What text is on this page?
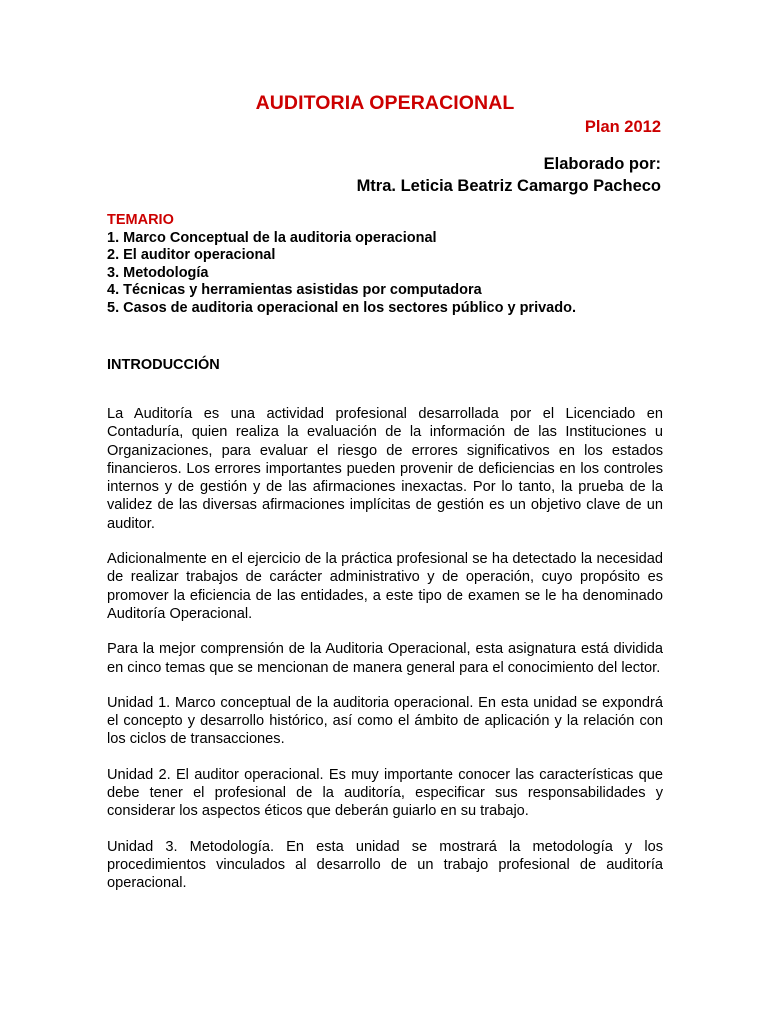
AUDITORIA OPERACIONAL
Plan 2012
Elaborado por:
Mtra. Leticia Beatriz Camargo Pacheco
TEMARIO
1. Marco Conceptual de la auditoria operacional
2. El auditor operacional
3. Metodología
4. Técnicas y herramientas asistidas por computadora
5. Casos de auditoria operacional en los sectores público y privado.
INTRODUCCIÓN

La Auditoría es una actividad profesional desarrollada por el Licenciado en Contaduría, quien realiza la evaluación de la información de las Instituciones u Organizaciones, para evaluar el riesgo de errores significativos en los estados financieros. Los errores importantes pueden provenir de deficiencias en los controles internos y de gestión y de las afirmaciones inexactas. Por lo tanto, la prueba de la validez de las diversas afirmaciones implícitas de gestión es un objetivo clave de un auditor.

Adicionalmente en el ejercicio de la práctica profesional se ha detectado la necesidad de realizar trabajos de carácter administrativo y de operación, cuyo propósito es promover la eficiencia de las entidades, a este tipo de examen se le ha denominado Auditoría Operacional.

Para la mejor comprensión de la Auditoria Operacional, esta asignatura está dividida en cinco temas que se mencionan de manera general para el conocimiento del lector.

Unidad 1. Marco conceptual de la auditoria operacional. En esta unidad se expondrá el concepto y desarrollo histórico, así como el ámbito de aplicación y la relación con los ciclos de transacciones.

Unidad 2. El auditor operacional. Es muy importante conocer las características que debe tener el profesional de la auditoría, especificar sus responsabilidades y considerar los aspectos éticos que deberán guiarlo en su trabajo.

Unidad 3. Metodología. En esta unidad se mostrará la metodología y los procedimientos vinculados al desarrollo de un trabajo profesional de auditoría operacional.
